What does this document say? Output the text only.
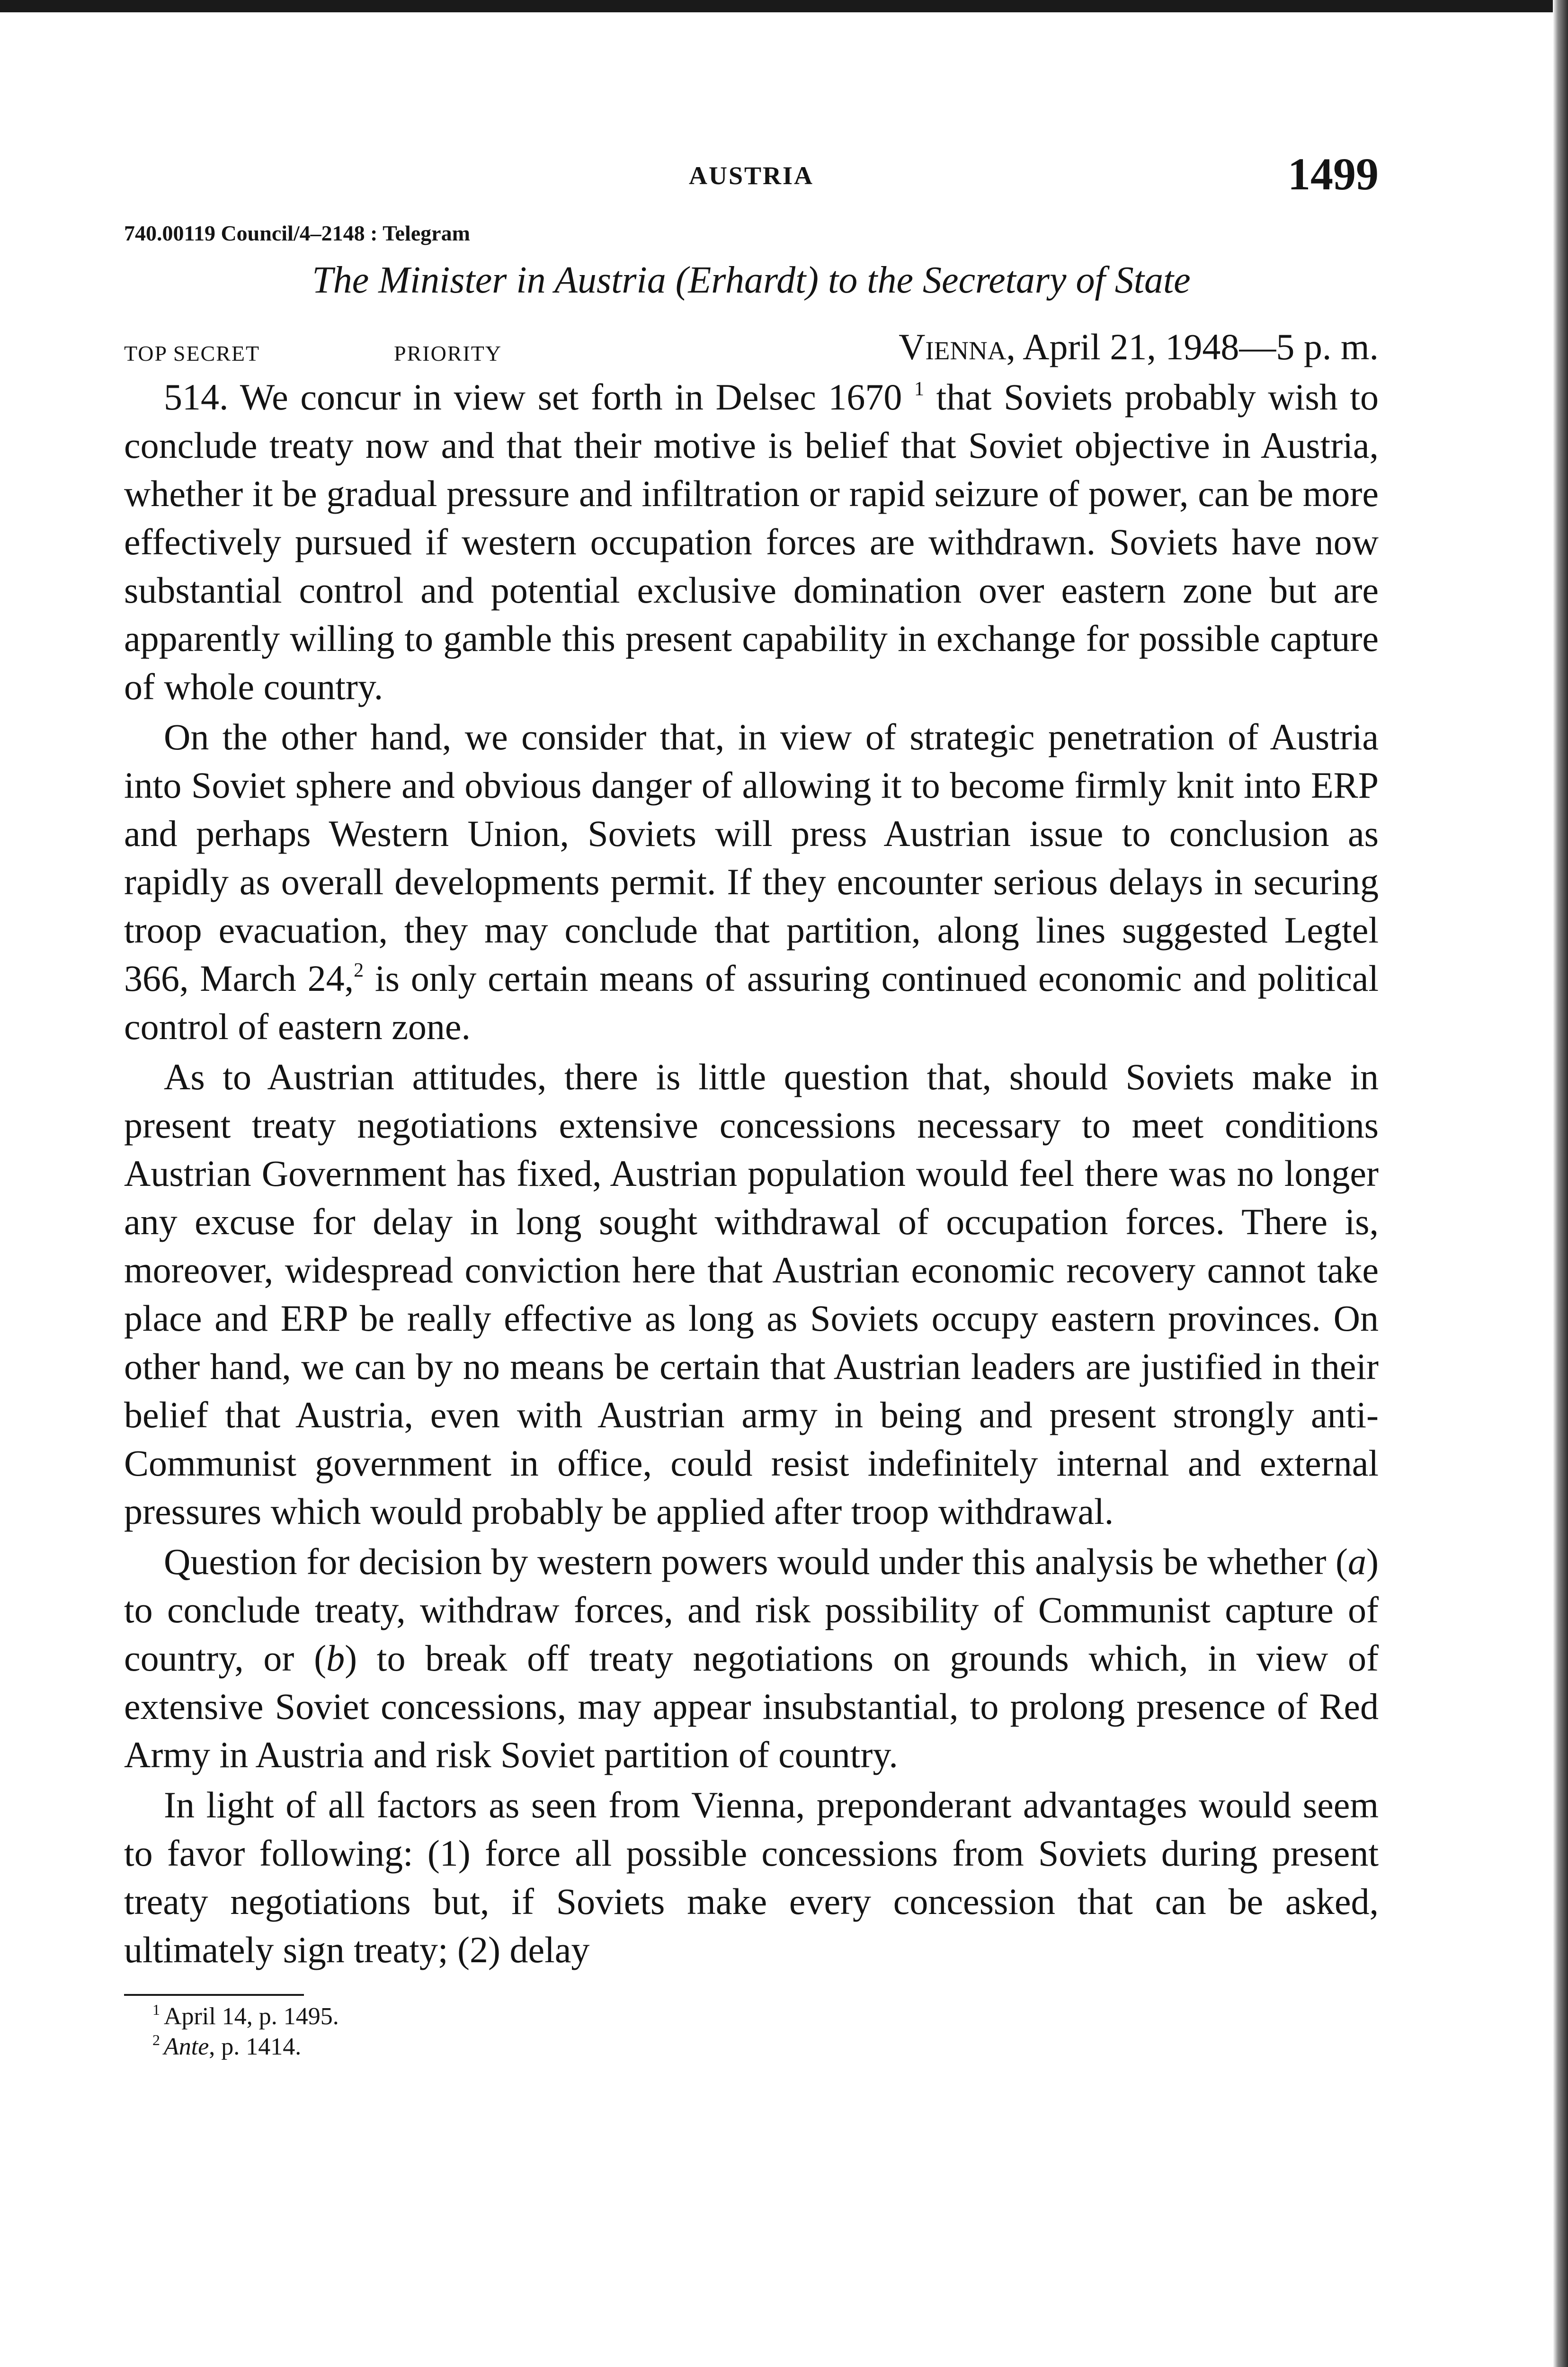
AUSTRIA	1499
740.00119 Council/4–2148 : Telegram
The Minister in Austria (Erhardt) to the Secretary of State
TOP SECRET	PRIORITY	Vienna, April 21, 1948—5 p. m.

514. We concur in view set forth in Delsec 1670 $^1$ that Soviets probably wish to conclude treaty now and that their motive is belief that Soviet objective in Austria, whether it be gradual pressure and infiltration or rapid seizure of power, can be more effectively pursued if western occupation forces are withdrawn. Soviets have now substantial control and potential exclusive domination over eastern zone but are apparently willing to gamble this present capability in exchange for possible capture of whole country.

On the other hand, we consider that, in view of strategic penetration of Austria into Soviet sphere and obvious danger of allowing it to become firmly knit into ERP and perhaps Western Union, Soviets will press Austrian issue to conclusion as rapidly as overall developments permit. If they encounter serious delays in securing troop evacuation, they may conclude that partition, along lines suggested Legtel 366, March 24,$^2$ is only certain means of assuring continued economic and political control of eastern zone.

As to Austrian attitudes, there is little question that, should Soviets make in present treaty negotiations extensive concessions necessary to meet conditions Austrian Government has fixed, Austrian population would feel there was no longer any excuse for delay in long sought withdrawal of occupation forces. There is, moreover, widespread conviction here that Austrian economic recovery cannot take place and ERP be really effective as long as Soviets occupy eastern provinces. On other hand, we can by no means be certain that Austrian leaders are justified in their belief that Austria, even with Austrian army in being and present strongly anti-Communist government in office, could resist indefinitely internal and external pressures which would probably be applied after troop withdrawal.

Question for decision by western powers would under this analysis be whether (a) to conclude treaty, withdraw forces, and risk possibility of Communist capture of country, or (b) to break off treaty negotiations on grounds which, in view of extensive Soviet concessions, may appear insubstantial, to prolong presence of Red Army in Austria and risk Soviet partition of country.

In light of all factors as seen from Vienna, preponderant advantages would seem to favor following: (1) force all possible concessions from Soviets during present treaty negotiations but, if Soviets make every concession that can be asked, ultimately sign treaty; (2) delay

$^1$ April 14, p. 1495.
$^2$ Ante, p. 1414.
